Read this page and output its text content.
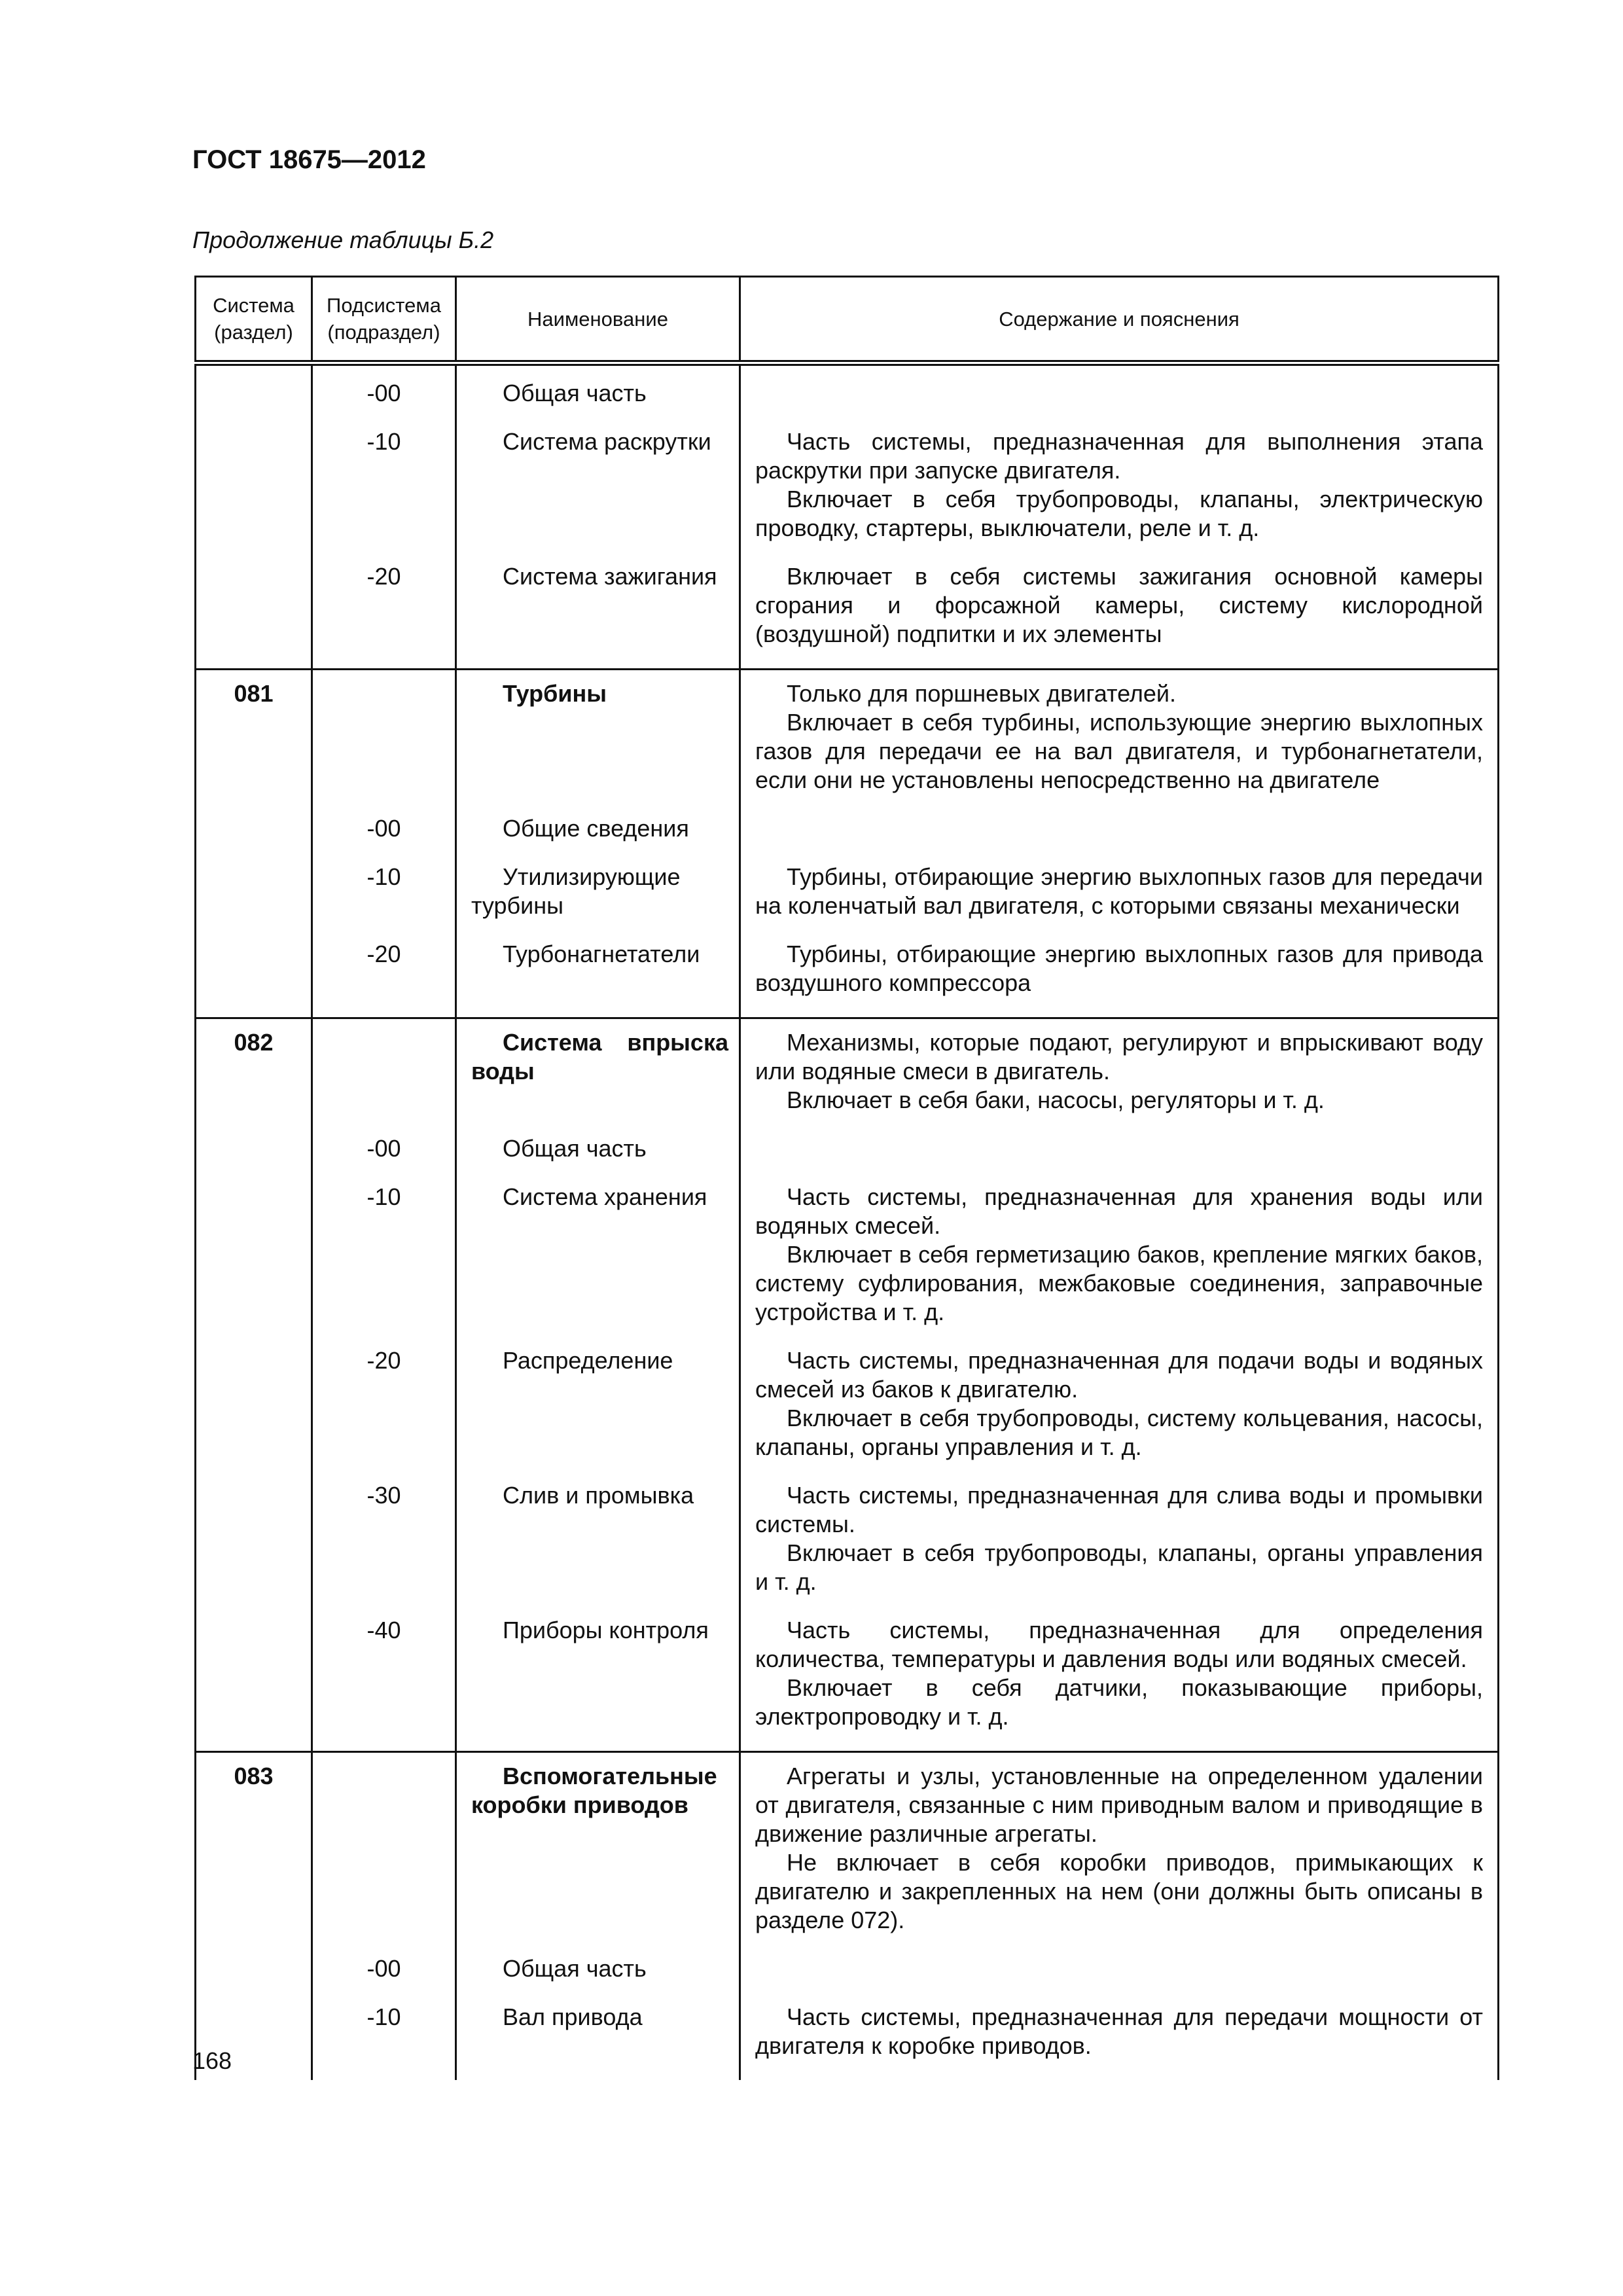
ГОСТ 18675—2012

Продолжение таблицы Б.2

Система (раздел)	Подсистема (подраздел)	Наименование	Содержание и пояснения
	-00	Общая часть	
	-10	Система раскрутки	Часть системы, предназначенная для выполнения этапа раскрутки при запуске двигателя.

Включает в себя трубопроводы, клапаны, электрическую проводку, стартеры, выключатели, реле и т. д.

	-20	Система зажигания	Включает в себя системы зажигания основной камеры сгорания и форсажной камеры, систему кислородной (воздушной) подпитки и их элементы

081		Турбины	Только для поршневых двигателей.

Включает в себя турбины, использующие энергию выхлопных газов для передачи ее на вал двигателя, и турбонагнетатели, если они не установлены непосредственно на двигателе

	-00	Общие сведения	
	-10	Утилизирующие турбины	Турбины, отбирающие энергию выхлопных газов для передачи на коленчатый вал двигателя, с которыми связаны механически

	-20	Турбонагнетатели	Турбины, отбирающие энергию выхлопных газов для привода воздушного компрессора

082		Система впрыска воды	Механизмы, которые подают, регулируют и впрыскивают воду или водяные смеси в двигатель.

Включает в себя баки, насосы, регуляторы и т. д.

	-00	Общая часть	
	-10	Система хранения	Часть системы, предназначенная для хранения воды или водяных смесей.

Включает в себя герметизацию баков, крепление мягких баков, систему суфлирования, межбаковые соединения, заправочные устройства и т. д.

	-20	Распределение	Часть системы, предназначенная для подачи воды и водяных смесей из баков к двигателю.

Включает в себя трубопроводы, систему кольцевания, насосы, клапаны, органы управления и т. д.

	-30	Слив и промывка	Часть системы, предназначенная для слива воды и промывки системы.

Включает в себя трубопроводы, клапаны, органы управления и т. д.

	-40	Приборы контроля	Часть системы, предназначенная для определения количества, температуры и давления воды или водяных смесей.

Включает в себя датчики, показывающие приборы, электропроводку и т. д.

083		Вспомогательные коробки приводов	Агрегаты и узлы, установленные на определенном удалении от двигателя, связанные с ним приводным валом и приводящие в движение различные агрегаты.

Не включает в себя коробки приводов, примыкающих к двигателю и закрепленных на нем (они должны быть описаны в разделе 072).

	-00	Общая часть	
	-10	Вал привода	Часть системы, предназначенная для передачи мощности от двигателя к коробке приводов.

168
